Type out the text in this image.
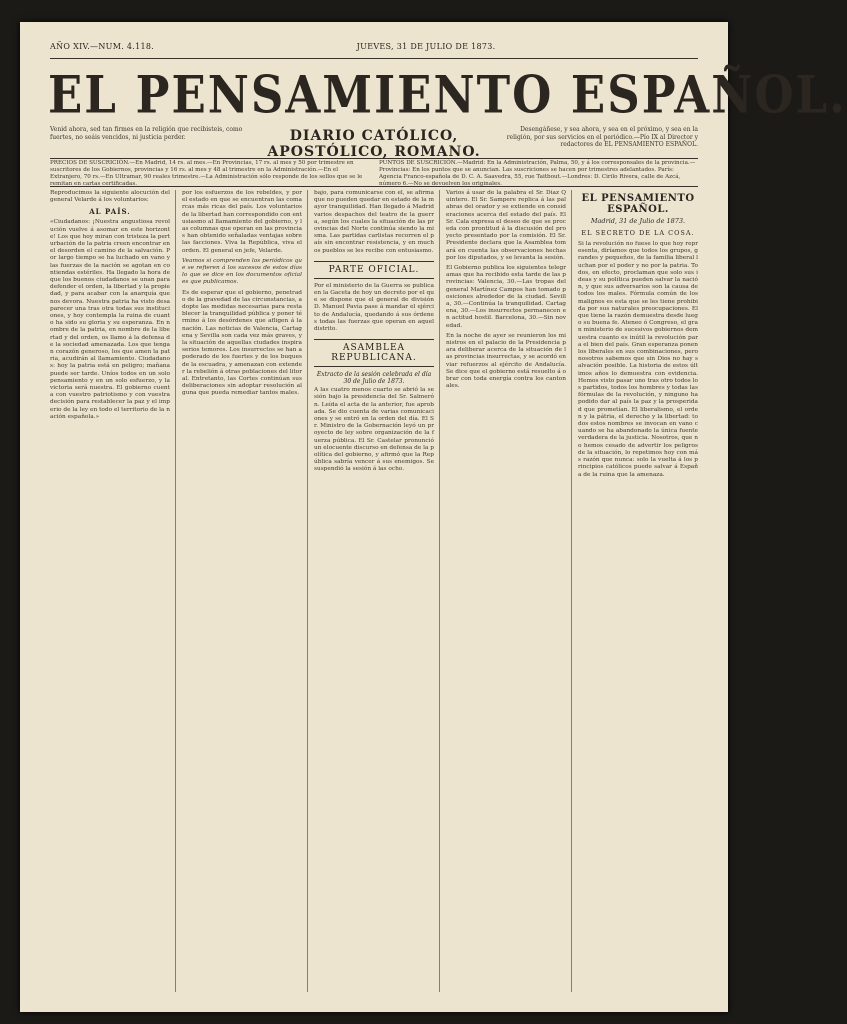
AÑO XIV.—NUM. 4.118.	JUEVES, 31 DE JULIO DE 1873.
EL PENSAMIENTO ESPAÑOL.
Venid ahora, sed tan firmes en la religión que recibisteis, como fuertes, no seáis vencidos, ni justicia perder.	DIARIO CATÓLICO, APOSTÓLICO, ROMANO.
Desengáñese, y sea ahora, y sea en el próximo, y sea en la religión, por sus servicios en el periódico.—Pío IX al Director y redactores de EL PENSAMIENTO ESPAÑOL.
PRECIOS DE SUSCRICIÓN.—En Madrid, 14 rs. al mes.—En Provincias, 17 rs. al mes y 50 por trimestre en suscritores de los Gobiernos, provincias y 16 rs. al mes y 48 al trimestre en la Administración.—En el Extranjero, 70 rs.—En Ultramar, 90 reales trimestre.—La Administración sólo responde de los sellos que se le remitan en cartas certificadas.
PUNTOS DE SUSCRICIÓN.—Madrid: En la Administración, Palma, 50, y á los corresponsales de la provincia.—Provincias: En los puntos que se anuncian. Las suscriciones se hacen por trimestres adelantados. París: Agencia Franco-española de D. C. A. Saavedra, 55, rue Taitbout.—Londres: D. Cirilo Rivera, calle de Azcá, número 6.—No se devuelven los originales.

Reproducimos la siguiente alocución del general Velarde á los voluntarios:

AL PAÍS.

«Ciudadanos: ¡Nuestra angustiosa revolución vuelve á asomar en este horizonte! Los que hoy miran con tristeza la perturbación de la patria creen encontrar en el desorden el camino de la salvación. Por largo tiempo se ha luchado en vano y las fuerzas de la nación se agotan en contiendas estériles. Ha llegado la hora de que los buenos ciudadanos se unan para defender el orden, la libertad y la propiedad, y para acabar con la anarquía que nos devora. Nuestra patria ha visto desaparecer una tras otra todas sus instituciones, y hoy contempla la ruina de cuanto ha sido su gloria y su esperanza. En nombre de la patria, en nombre de la libertad y del orden, os llamo á la defensa de la sociedad amenazada. Los que tengan corazón generoso, los que amen la patria, acudirán al llamamiento. Ciudadanos: hoy la patria está en peligro; mañana puede ser tarde. Uníos todos en un solo pensamiento y en un solo esfuerzo, y la victoria será nuestra. El gobierno cuenta con vuestro patriotismo y con vuestra decisión para restablecer la paz y el imperio de la ley en todo el territorio de la nación española.»

por los esfuerzos de los rebeldes, y por el estado en que se encuentran las comarcas más ricas del país. Los voluntarios de la libertad han correspondido con entusiasmo al llamamiento del gobierno, y las columnas que operan en las provincias han obtenido señaladas ventajas sobre las facciones. Viva la República, viva el orden. El general en jefe, Velarde.

Veamos si comprenden los periódicos que se refieren á los sucesos de estos días lo que se dice en los documentos oficiales que publicamos.

Es de esperar que el gobierno, penetrado de la gravedad de las circunstancias, adopte las medidas necesarias para restablecer la tranquilidad pública y poner término á los desórdenes que afligen á la nación. Las noticias de Valencia, Cartagena y Sevilla son cada vez más graves, y la situación de aquellas ciudades inspira serios temores. Los insurrectos se han apoderado de los fuertes y de los buques de la escuadra, y amenazan con extender la rebelión á otras poblaciones del litoral. Entretanto, las Cortes continúan sus deliberaciones sin adoptar resolución alguna que pueda remediar tantos males.

bajo, para comunicarse con el, se afirma que no pueden quedar en estado de la mayor tranquilidad. Han llegado á Madrid varios despachos del teatro de la guerra, según los cuales la situación de las provincias del Norte continúa siendo la misma. Las partidas carlistas recorren el país sin encontrar resistencia, y en muchos pueblos se les recibe con entusiasmo.

PARTE OFICIAL.

Por el ministerio de la Guerra se publica en la Gaceta de hoy un decreto por el que se dispone que el general de división D. Manuel Pavía pase á mandar el ejército de Andalucía, quedando á sus órdenes todas las fuerzas que operan en aquel distrito.

ASAMBLEA REPUBLICANA.
Extracto de la sesión celebrada el día 30 de Julio de 1873.

A las cuatro menos cuarto se abrió la sesión bajo la presidencia del Sr. Salmerón. Leída el acta de la anterior, fue aprobada. Se dio cuenta de varias comunicaciones y se entró en la orden del día. El Sr. Ministro de la Gobernación leyó un proyecto de ley sobre organización de la fuerza pública. El Sr. Castelar pronunció un elocuente discurso en defensa de la política del gobierno, y afirmó que la República sabría vencer á sus enemigos. Se suspendió la sesión á las ocho.

Varios á usar de la palabra el Sr. Diaz Quintero. El Sr. Sampere replica á las palabras del orador y se extiende en consideraciones acerca del estado del país. El Sr. Cala expresa el deseo de que se proceda con prontitud á la discusión del proyecto presentado por la comisión. El Sr. Presidente declara que la Asamblea tomará en cuenta las observaciones hechas por los diputados, y se levanta la sesión.

El Gobierno publica los siguientes telegramas que ha recibido esta tarde de las provincias: Valencia, 30.—Las tropas del general Martínez Campos han tomado posiciones alrededor de la ciudad. Sevilla, 30.—Continúa la tranquilidad. Cartagena, 30.—Los insurrectos permanecen en actitud hostil. Barcelona, 30.—Sin novedad.

En la noche de ayer se reunieron los ministros en el palacio de la Presidencia para deliberar acerca de la situación de las provincias insurrectas, y se acordó enviar refuerzos al ejército de Andalucía. Se dice que el gobierno está resuelto á obrar con toda energía contra los cantonales.

EL PENSAMIENTO ESPAÑOL.
Madrid, 31 de Julio de 1873.
EL SECRETO DE LA COSA.

Si la revolución no fuese lo que hoy representa, diríamos que todos los grupos, grandes y pequeños, de la familia liberal luchan por el poder y no por la patria. Todos, en efecto, proclaman que solo sus ideas y su política pueden salvar la nación, y que sus adversarios son la causa de todos los males. Fórmula común de los malignos es esta que se les tiene prohibida por sus naturales preocupaciones. El que tiene la razón demuestra desde luego su buena fe. Ateneo ó Congreso, el gran ministerio de sucesivos gobiernos demuestra cuanto es inútil la revolución para el bien del país. Gran esperanza ponen los liberales en sus combinaciones, pero nosotros sabemos que sin Dios no hay salvación posible. La historia de estos últimos años lo demuestra con evidencia. Hemos visto pasar uno tras otro todos los partidos, todos los hombres y todas las fórmulas de la revolución, y ninguno ha podido dar al país la paz y la prosperidad que prometían. El liberalismo, el orden y la pátria, el derecho y la libertad: todos estos nombres se invocan en vano cuando se ha abandonado la única fuente verdadera de la justicia. Nosotros, que no hemos cesado de advertir los peligros de la situación, lo repetimos hoy con más razón que nunca: solo la vuelta á los principios católicos puede salvar á España de la ruina que la amenaza.
